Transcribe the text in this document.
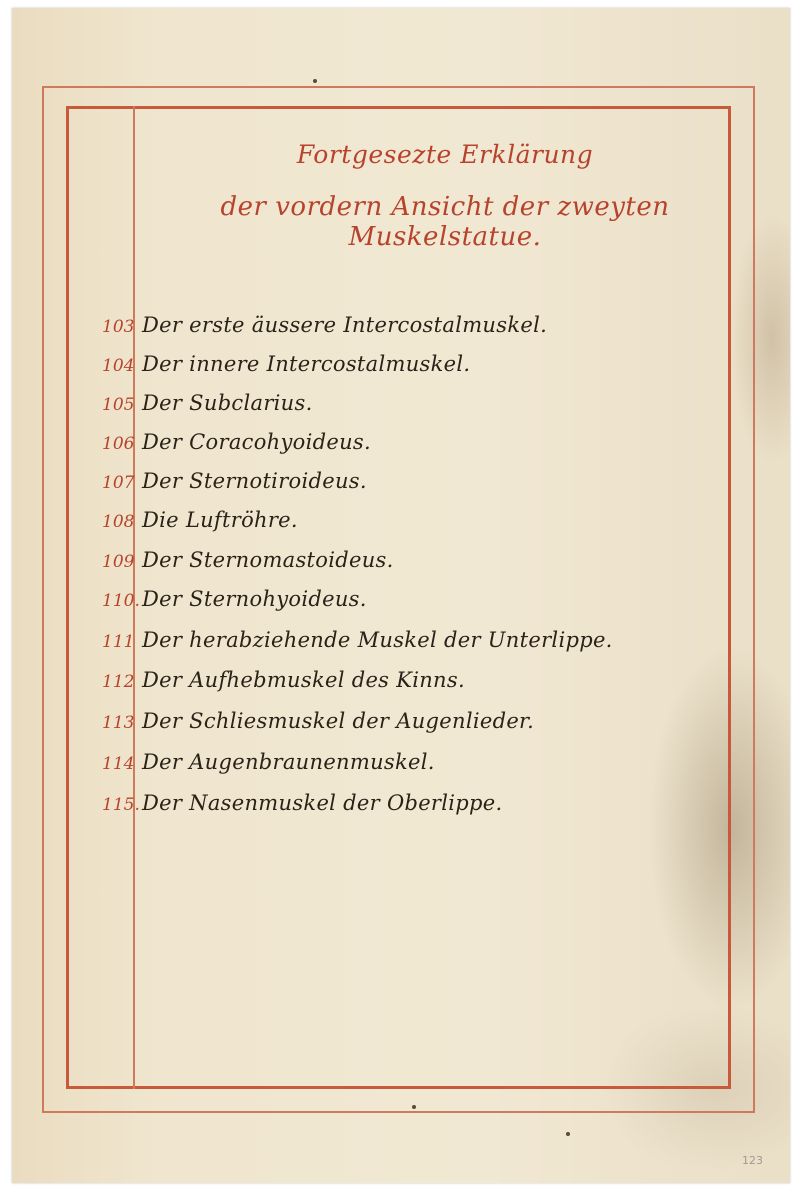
Fortgesezte Erklärung
der vordern Ansicht der zweyten Muskelstatue.
103 Der erste äussere Intercostalmuskel.
104 Der innere Intercostalmuskel.
105 Der Subclarius.
106 Der Coracohyoideus.
107 Der Sternotiroideus.
108 Die Luftröhre.
109 Der Sternomastoideus.
110. Der Sternohyoideus.
111 Der herabziehende Muskel der Unterlippe.
112 Der Aufhebmuskel des Kinns.
113 Der Schliesmuskel der Augenlieder.
114 Der Augenbraunenmuskel.
115. Der Nasenmuskel der Oberlippe.
123
